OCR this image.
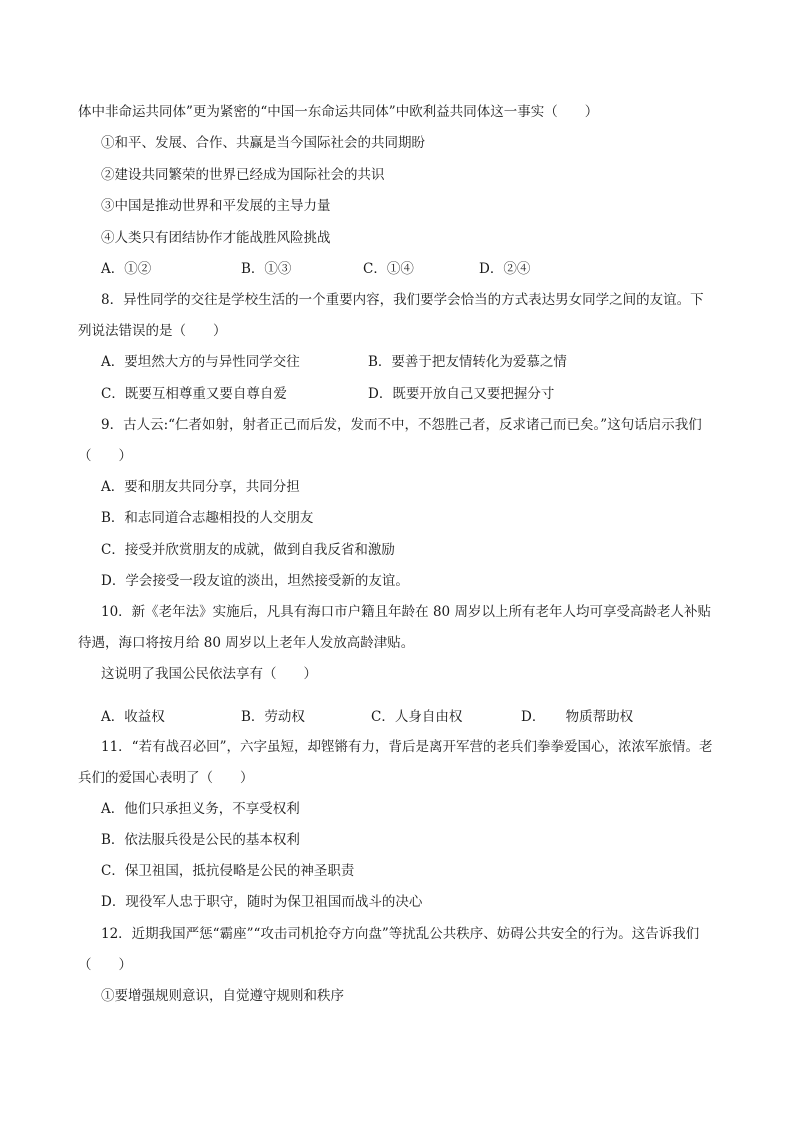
体中非命运共同体”更为紧密的“中国一东命运共同体”中欧利益共同体这一事实（　　）
①和平、发展、合作、共赢是当今国际社会的共同期盼
②建设共同繁荣的世界已经成为国际社会的共识
③中国是推动世界和平发展的主导力量
④人类只有团结协作才能战胜风险挑战
A．①②	B．①③	C．①④	D．②④
8．异性同学的交往是学校生活的一个重要内容，我们要学会恰当的方式表达男女同学之间的友谊。下
列说法错误的是（　　）
A．要坦然大方的与异性同学交往	B．要善于把友情转化为爱慕之情
C．既要互相尊重又要自尊自爱	D．既要开放自己又要把握分寸
9．古人云:“仁者如射，射者正己而后发，发而不中，不怨胜己者，反求诸己而已矣。”这句话启示我们
（　　）
A．要和朋友共同分享，共同分担
B．和志同道合志趣相投的人交朋友
C．接受并欣赏朋友的成就，做到自我反省和激励
D．学会接受一段友谊的淡出，坦然接受新的友谊。
10．新《老年法》实施后，凡具有海口市户籍且年龄在 80 周岁以上所有老年人均可享受高龄老人补贴
待遇，海口将按月给 80 周岁以上老年人发放高龄津贴。
这说明了我国公民依法享有（　　）
A．收益权	B．劳动权	C．人身自由权	D．　　物质帮助权
11．“若有战召必回”，六字虽短，却铿锵有力，背后是离开军营的老兵们拳拳爱国心，浓浓军旅情。老
兵们的爱国心表明了（　　）
A．他们只承担义务，不享受权利
B．依法服兵役是公民的基本权利
C．保卫祖国，抵抗侵略是公民的神圣职责
D．现役军人忠于职守，随时为保卫祖国而战斗的决心
12．近期我国严惩“霸座”“攻击司机抢夺方向盘”等扰乱公共秩序、妨碍公共安全的行为。这告诉我们
（　　）
①要增强规则意识，自觉遵守规则和秩序
